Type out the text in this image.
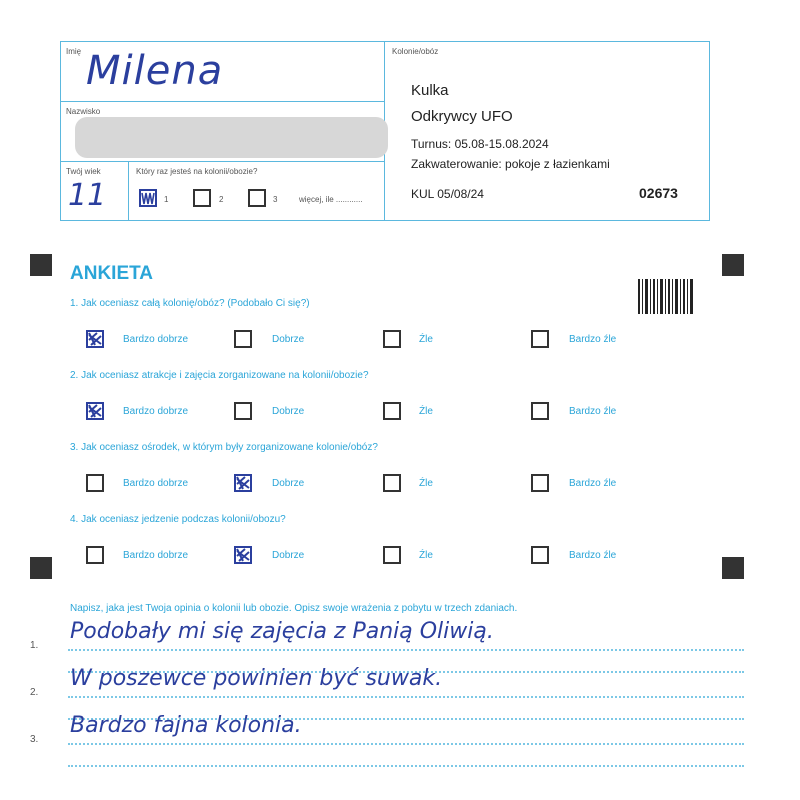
Imię Milena
Nazwisko
Twój wiek
11
Który raz jesteś na kolonii/obozie?
1	2	3	więcej, ile ............
Kolonie/obóz
Kulka
Odkrywcy UFO
Turnus: 05.08-15.08.2024
Zakwaterowanie: pokoje z łazienkami
KUL 05/08/24	02673
ANKIETA
1. Jak oceniasz całą kolonię/obóz? (Podobało Ci się?)
Bardzo dobrze	Dobrze	Źle	Bardzo źle
2. Jak oceniasz atrakcje i zajęcia zorganizowane na kolonii/obozie?
Bardzo dobrze	Dobrze	Źle	Bardzo źle
3. Jak oceniasz ośrodek, w którym były zorganizowane kolonie/obóz?
Bardzo dobrze	Dobrze	Źle	Bardzo źle
4. Jak oceniasz jedzenie podczas kolonii/obozu?
Bardzo dobrze	Dobrze	Źle	Bardzo źle
Napisz, jaka jest Twoja opinia o kolonii lub obozie. Opisz swoje wrażenia z pobytu w trzech zdaniach.
1.
Podobały mi się zajęcia z Panią Oliwią.
2.
W poszewce powinien być suwak.
3.
Bardzo fajna kolonia.
